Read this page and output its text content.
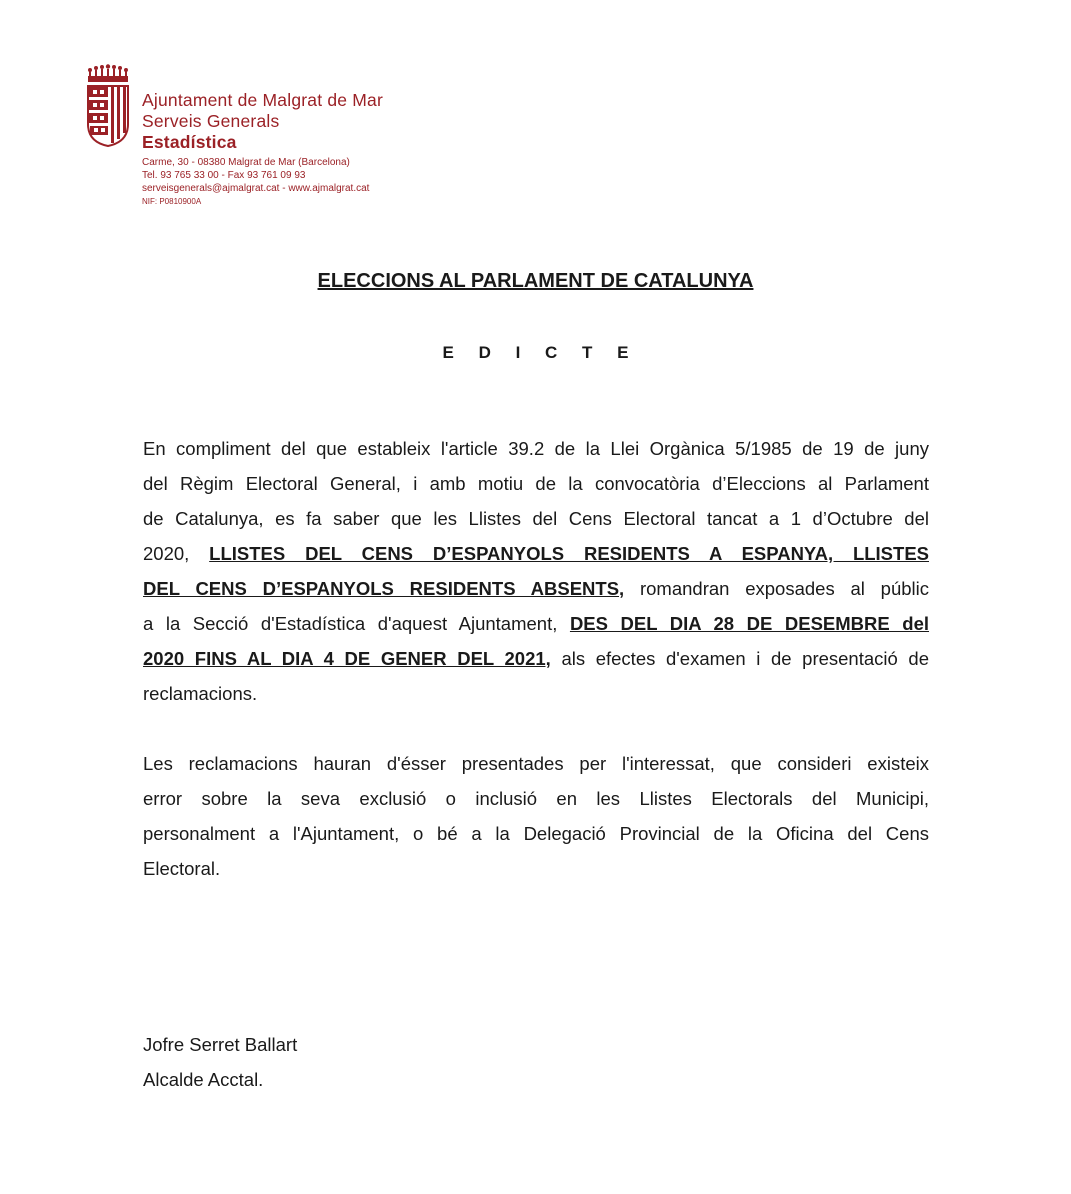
Ajuntament de Malgrat de Mar
Serveis Generals
Estadística
Carme, 30 - 08380 Malgrat de Mar (Barcelona)
Tel. 93 765 33 00 - Fax 93 761 09 93
serveisgenerals@ajmalgrat.cat - www.ajmalgrat.cat
NIF: P0810900A
ELECCIONS AL PARLAMENT DE CATALUNYA
E D I C T E
En compliment del que estableix l'article 39.2 de la Llei Orgànica 5/1985 de 19 de juny
del Règim Electoral General, i amb motiu de la convocatòria d’Eleccions al Parlament
de Catalunya, es fa saber que les Llistes del Cens Electoral tancat a 1 d’Octubre del
2020, LLISTES DEL CENS D’ESPANYOLS RESIDENTS A ESPANYA, LLISTES
DEL CENS D’ESPANYOLS RESIDENTS ABSENTS, romandran exposades al públic
a la Secció d'Estadística d'aquest Ajuntament, DES DEL DIA 28 DE DESEMBRE del
2020 FINS AL DIA 4 DE GENER DEL 2021, als efectes d'examen i de presentació de
reclamacions.
Les reclamacions hauran d'ésser presentades per l'interessat, que consideri existeix
error sobre la seva exclusió o inclusió en les Llistes Electorals del Municipi,
personalment a l'Ajuntament, o bé a la Delegació Provincial de la Oficina del Cens
Electoral.
Jofre Serret Ballart
Alcalde Acctal.
